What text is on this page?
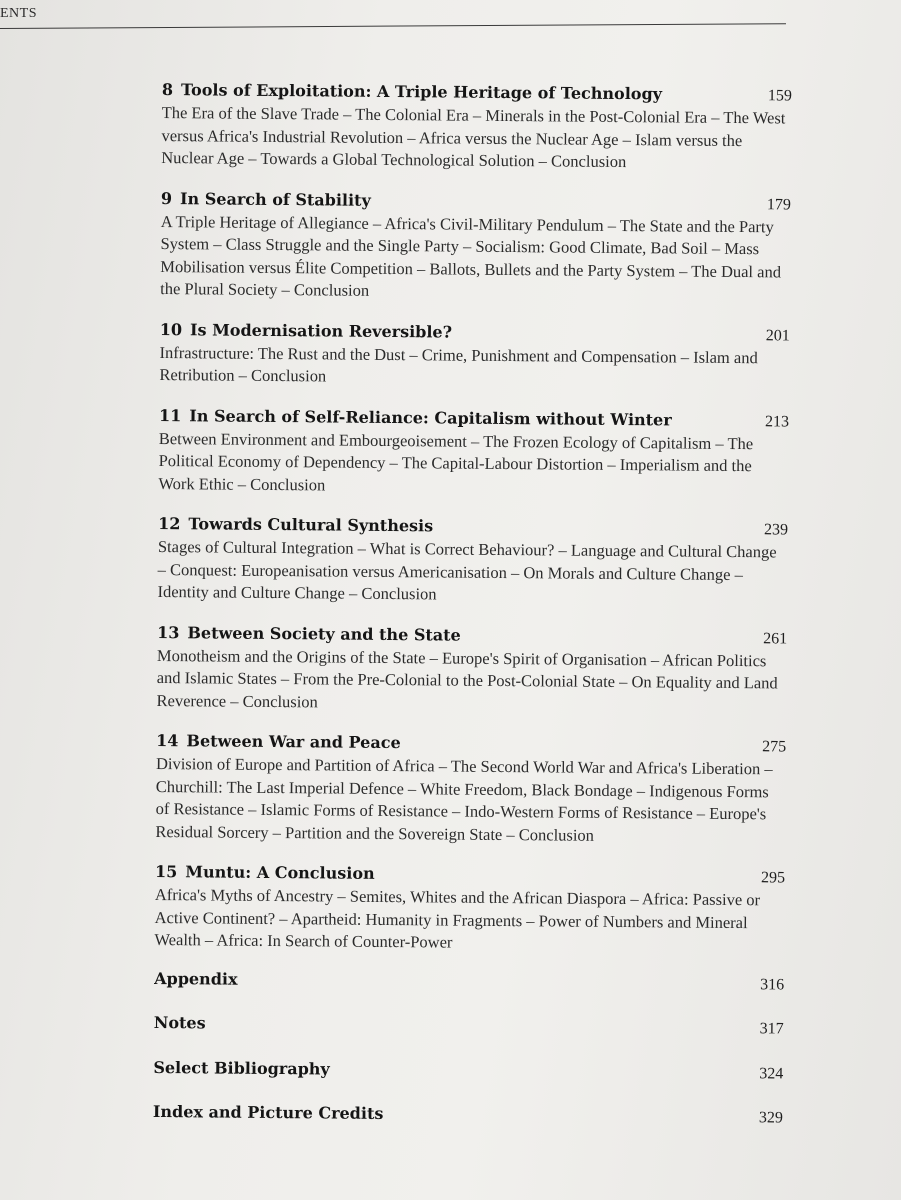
ENTS
8 Tools of Exploitation: A Triple Heritage of Technology	159
The Era of the Slave Trade – The Colonial Era – Minerals in the Post-Colonial Era – The West versus Africa's Industrial Revolution – Africa versus the Nuclear Age – Islam versus the Nuclear Age – Towards a Global Technological Solution – Conclusion
9 In Search of Stability	179
A Triple Heritage of Allegiance – Africa's Civil-Military Pendulum – The State and the Party System – Class Struggle and the Single Party – Socialism: Good Climate, Bad Soil – Mass Mobilisation versus Élite Competition – Ballots, Bullets and the Party System – The Dual and the Plural Society – Conclusion
10 Is Modernisation Reversible?	201
Infrastructure: The Rust and the Dust – Crime, Punishment and Compensation – Islam and Retribution – Conclusion
11 In Search of Self-Reliance: Capitalism without Winter	213
Between Environment and Embourgeoisement – The Frozen Ecology of Capitalism – The Political Economy of Dependency – The Capital-Labour Distortion – Imperialism and the Work Ethic – Conclusion
12 Towards Cultural Synthesis	239
Stages of Cultural Integration – What is Correct Behaviour? – Language and Cultural Change – Conquest: Europeanisation versus Americanisation – On Morals and Culture Change – Identity and Culture Change – Conclusion
13 Between Society and the State	261
Monotheism and the Origins of the State – Europe's Spirit of Organisation – African Politics and Islamic States – From the Pre-Colonial to the Post-Colonial State – On Equality and Land Reverence – Conclusion
14 Between War and Peace	275
Division of Europe and Partition of Africa – The Second World War and Africa's Liberation – Churchill: The Last Imperial Defence – White Freedom, Black Bondage – Indigenous Forms of Resistance – Islamic Forms of Resistance – Indo-Western Forms of Resistance – Europe's Residual Sorcery – Partition and the Sovereign State – Conclusion
15 Muntu: A Conclusion	295
Africa's Myths of Ancestry – Semites, Whites and the African Diaspora – Africa: Passive or Active Continent? – Apartheid: Humanity in Fragments – Power of Numbers and Mineral Wealth – Africa: In Search of Counter-Power
Appendix	316
Notes	317
Select Bibliography	324
Index and Picture Credits	329
